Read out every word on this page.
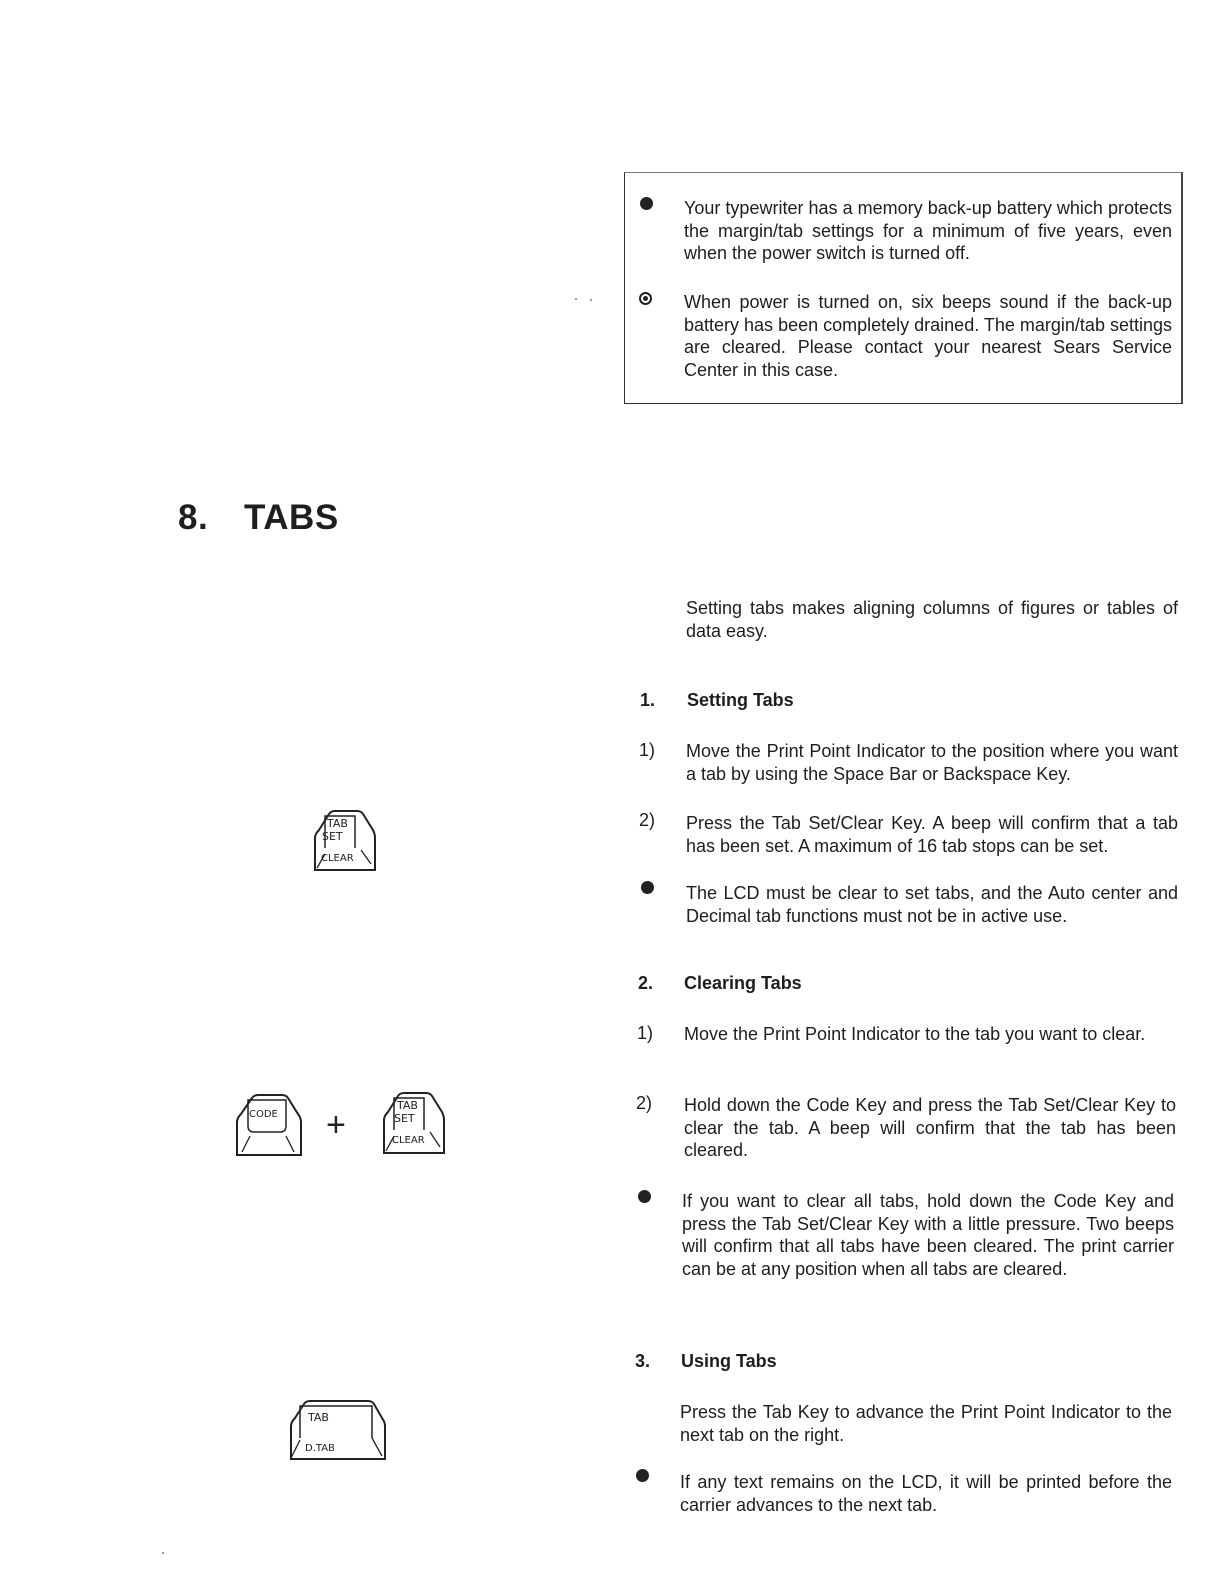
Your typewriter has a memory back-up battery which protects the margin/tab settings for a minimum of five years, even when the power switch is turned off.
When power is turned on, six beeps sound if the back-up battery has been completely drained. The margin/tab settings are cleared. Please contact your nearest Sears Service Center in this case.
8. TABS
Setting tabs makes aligning columns of figures or tables of data easy.
1. Setting Tabs
1) Move the Print Point Indicator to the position where you want a tab by using the Space Bar or Backspace Key.
2) Press the Tab Set/Clear Key. A beep will confirm that a tab has been set. A maximum of 16 tab stops can be set.
The LCD must be clear to set tabs, and the Auto center and Decimal tab functions must not be in active use.
TAB
SET
CLEAR
2. Clearing Tabs
1) Move the Print Point Indicator to the tab you want to clear.
2) Hold down the Code Key and press the Tab Set/Clear Key to clear the tab. A beep will confirm that the tab has been cleared.
If you want to clear all tabs, hold down the Code Key and press the Tab Set/Clear Key with a little pressure. Two beeps will confirm that all tabs have been cleared. The print carrier can be at any position when all tabs are cleared.
CODE +
TAB
SET
CLEAR
3. Using Tabs
Press the Tab Key to advance the Print Point Indicator to the next tab on the right.
If any text remains on the LCD, it will be printed before the carrier advances to the next tab.
TAB
D.TAB
